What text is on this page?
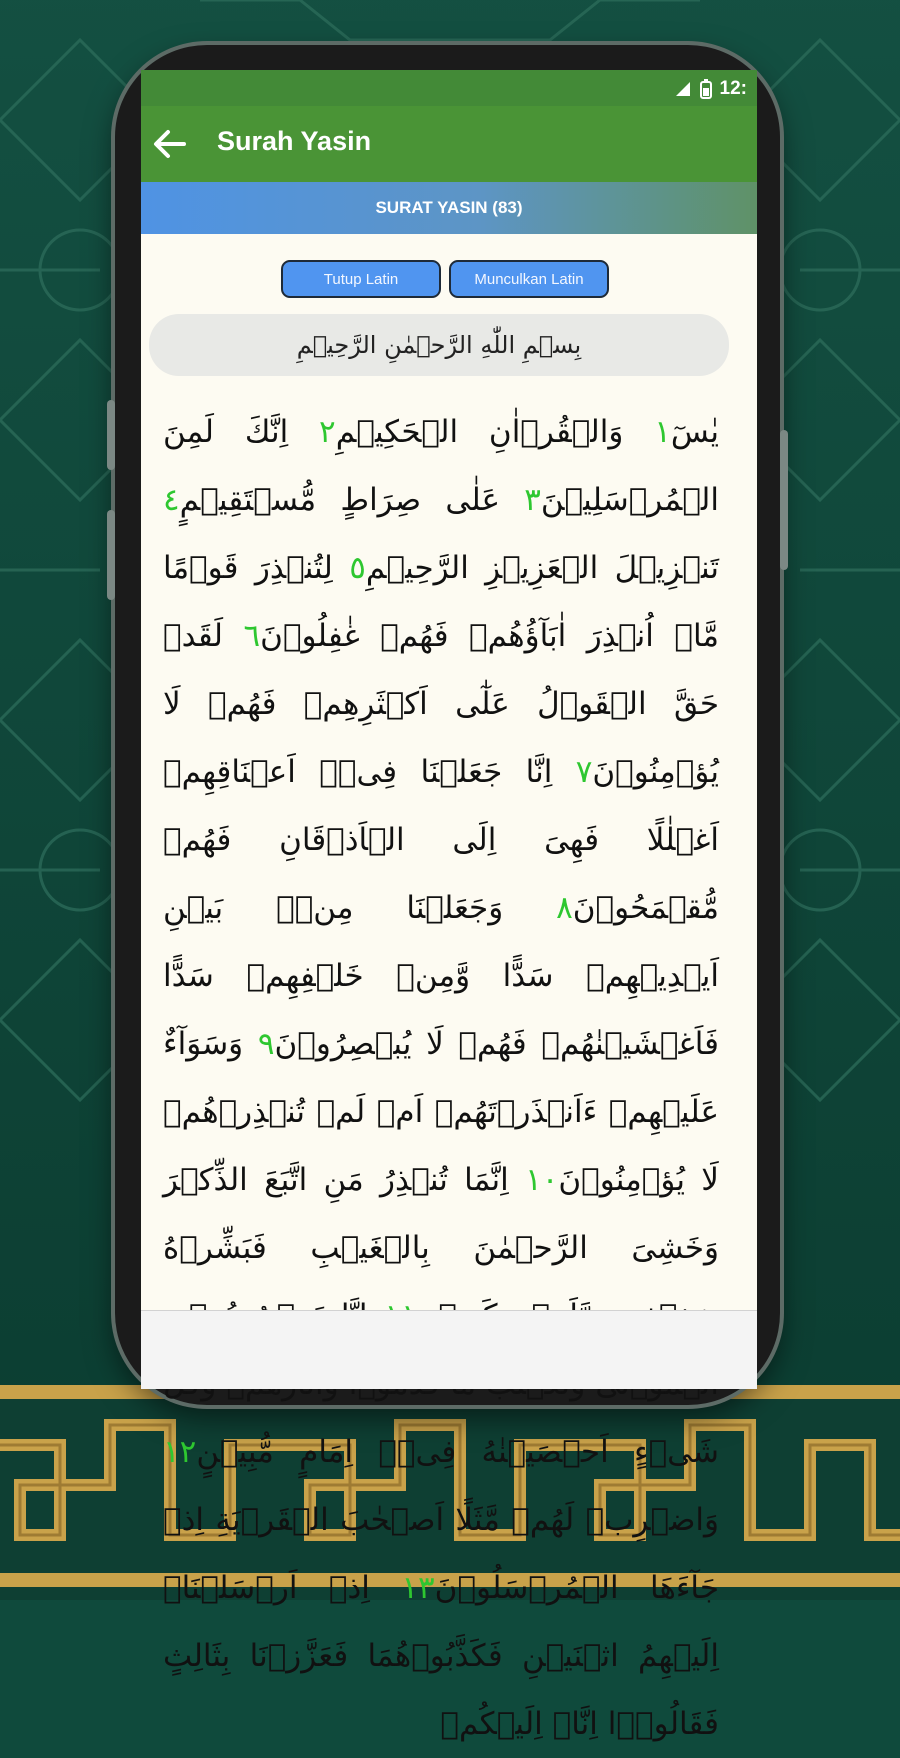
12:
Surah Yasin
SURAT YASIN (83)
Tutup Latin	Munculkan Latin
بِسۡمِ اللّٰهِ الرَّحۡمٰنِ الرَّحِيۡمِ
يٰسٓ١ وَالۡقُرۡاٰنِ الۡحَكِيۡمِ٢ اِنَّكَ لَمِنَ الۡمُرۡسَلِيۡنَ٣ عَلٰى صِرَاطٍ مُّسۡتَقِيۡمٍ٤ تَنۡزِيۡلَ الۡعَزِيۡزِ الرَّحِيۡمِ٥ لِتُنۡذِرَ قَوۡمًا مَّاۤ اُنۡذِرَ اٰبَآؤُهُمۡ فَهُمۡ غٰفِلُوۡنَ٦ لَقَدۡ حَقَّ الۡقَوۡلُ عَلٰٓى اَكۡثَرِهِمۡ فَهُمۡ لَا يُؤۡمِنُوۡنَ٧ اِنَّا جَعَلۡنَا فِىۡۤ اَعۡنَاقِهِمۡ اَغۡلٰلًا فَهِىَ اِلَى الۡاَذۡقَانِ فَهُمۡ مُّقۡمَحُوۡنَ٨ وَجَعَلۡنَا مِنۡۢ بَيۡنِ اَيۡدِيۡهِمۡ سَدًّا وَّمِنۡ خَلۡفِهِمۡ سَدًّا فَاَغۡشَيۡنٰهُمۡ فَهُمۡ لَا يُبۡصِرُوۡنَ٩ وَسَوَآءٌ عَلَيۡهِمۡ ءَاَنۡذَرۡتَهُمۡ اَمۡ لَمۡ تُنۡذِرۡهُمۡ لَا يُؤۡمِنُوۡنَ١٠ اِنَّمَا تُنۡذِرُ مَنِ اتَّبَعَ الذِّكۡرَ وَخَشِىَ الرَّحۡمٰنَ بِالۡغَيۡبِ فَبَشِّرۡهُ شَىۡءٍ اَحۡصَيۡنٰهُ فِىۡۤ اِمَامٍ مُّبِيۡنٍ١٢ وَاضۡرِبۡ لَهُمۡ مَّثَلًا اَصۡحٰبَ الۡقَرۡيَةِ اِذۡ جَآءَهَا الۡمُرۡسَلُوۡنَ١٣ اِذۡ اَرۡسَلۡنَاۤ اِلَيۡهِمُ اثۡنَيۡنِ فَكَذَّبُوۡهُمَا فَعَزَّزۡنَا بِثَالِثٍ فَقَالُوۡۤا اِنَّاۤ اِلَيۡكُمۡ
